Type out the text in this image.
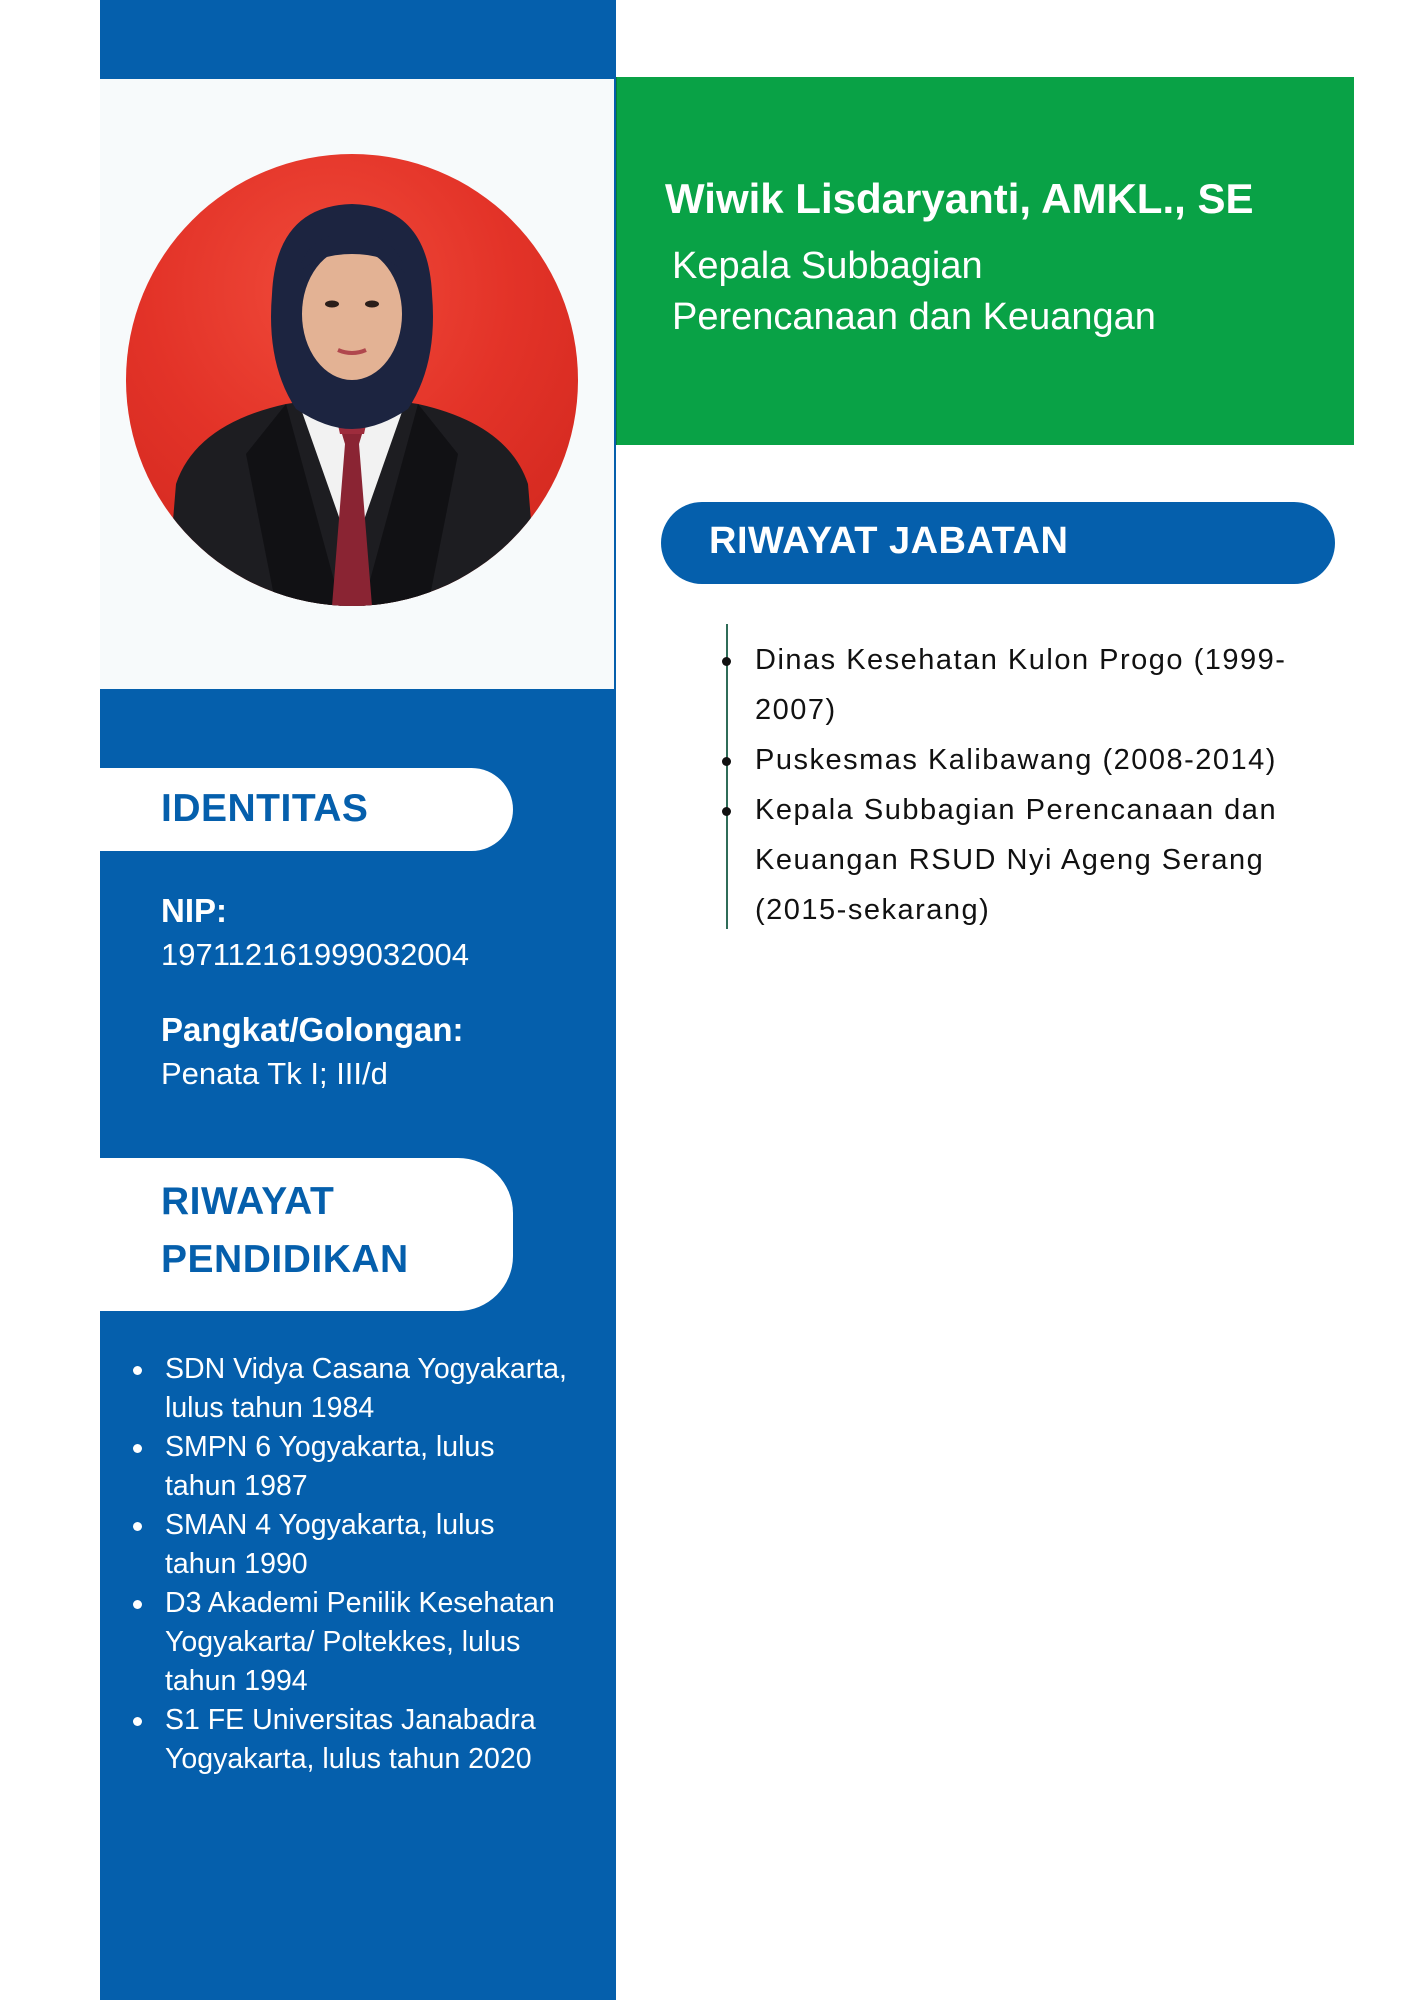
IDENTITAS
NIP:
197112161999032004
Pangkat/Golongan:
Penata Tk I; III/d
RIWAYAT
PENDIDIKAN
SDN Vidya Casana Yogyakarta, lulus tahun 1984
SMPN 6 Yogyakarta, lulus tahun 1987
SMAN 4 Yogyakarta, lulus tahun 1990
D3 Akademi Penilik Kesehatan Yogyakarta/ Poltekkes, lulus tahun 1994
S1 FE Universitas Janabadra Yogyakarta, lulus tahun 2020
Wiwik Lisdaryanti, AMKL., SE
Kepala Subbagian
Perencanaan dan Keuangan
RIWAYAT JABATAN
Dinas Kesehatan Kulon Progo (1999-2007)
Puskesmas Kalibawang (2008-2014)
Kepala Subbagian Perencanaan dan Keuangan RSUD Nyi Ageng Serang (2015-sekarang)
